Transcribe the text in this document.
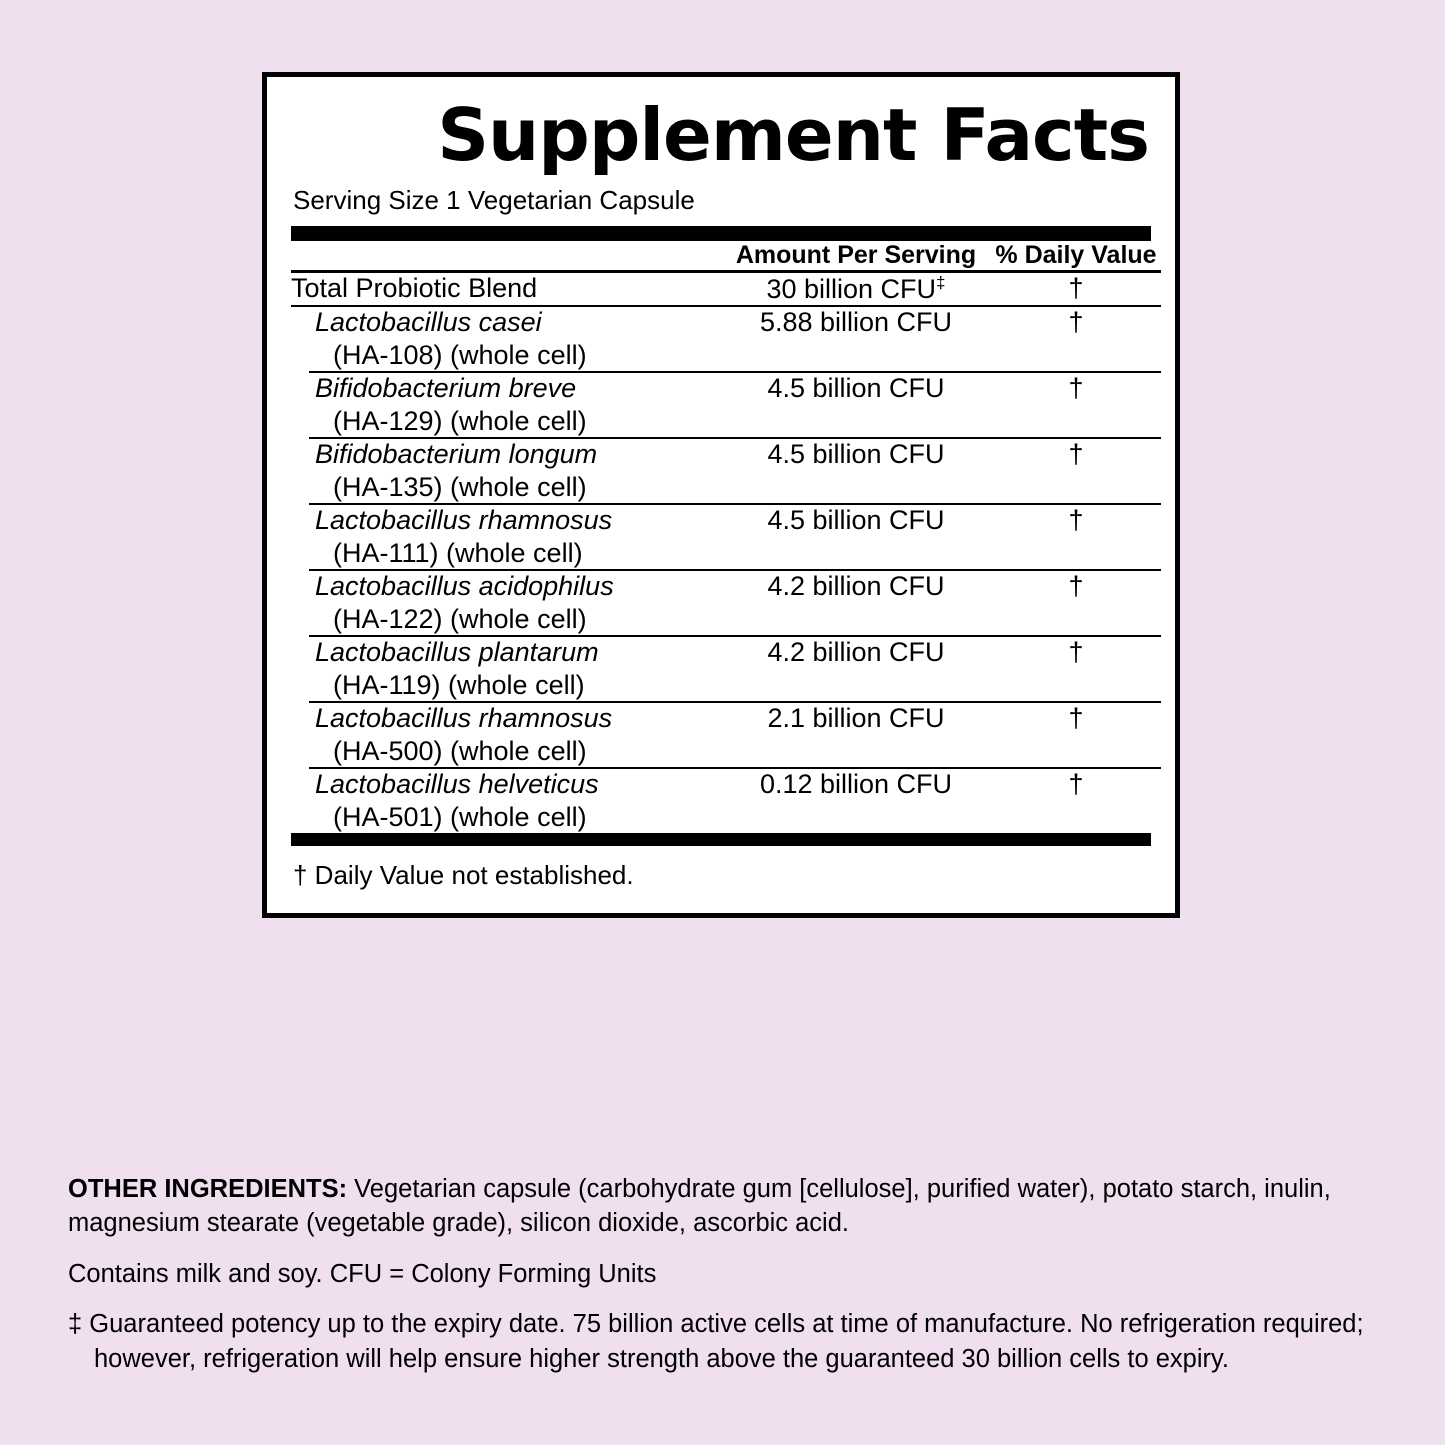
Supplement Facts
Serving Size 1 Vegetarian Capsule
	Amount Per Serving	% Daily Value

Total Probiotic Blend	30 billion CFU‡	†

Lactobacillus casei
(HA-108) (whole cell)	5.88 billion CFU	†

Bifidobacterium breve
(HA-129) (whole cell)	4.5 billion CFU	†

Bifidobacterium longum
(HA-135) (whole cell)	4.5 billion CFU	†

Lactobacillus rhamnosus
(HA-111) (whole cell)	4.5 billion CFU	†

Lactobacillus acidophilus
(HA-122) (whole cell)	4.2 billion CFU	†

Lactobacillus plantarum
(HA-119) (whole cell)	4.2 billion CFU	†

Lactobacillus rhamnosus
(HA-500) (whole cell)	2.1 billion CFU	†

Lactobacillus helveticus
(HA-501) (whole cell)	0.12 billion CFU	†
† Daily Value not established.

OTHER INGREDIENTS: Vegetarian capsule (carbohydrate gum [cellulose], purified water), potato starch, inulin, magnesium stearate (vegetable grade), silicon dioxide, ascorbic acid.

Contains milk and soy. CFU = Colony Forming Units

‡ Guaranteed potency up to the expiry date. 75 billion active cells at time of manufacture. No refrigeration required; however, refrigeration will help ensure higher strength above the guaranteed 30 billion cells to expiry.
